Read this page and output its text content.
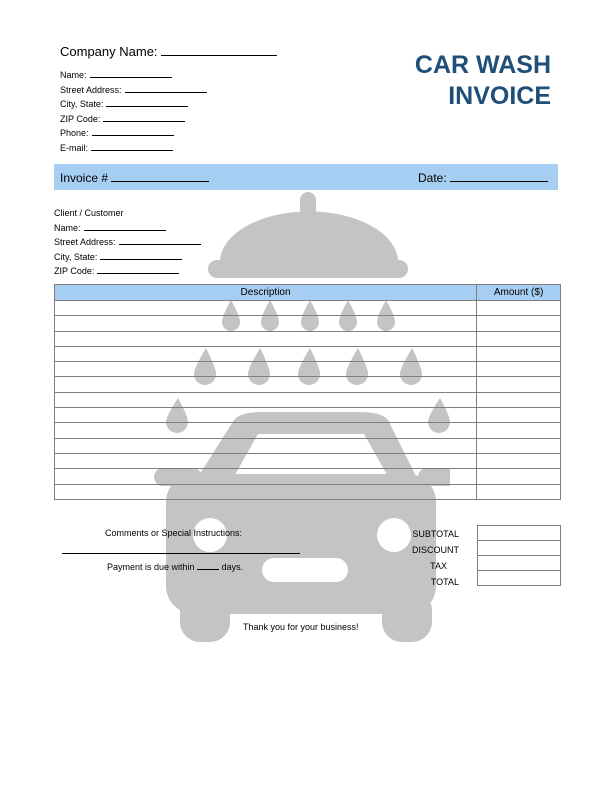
Company Name:
Name:
Street Address:
City, State:
ZIP Code:
Phone:
E-mail:
CAR WASH
INVOICE
Invoice #	Date:
Client / Customer
Name:
Street Address:
City, State:
ZIP Code:
Description	Amount ($)

Comments or Special Instructions:
Payment is due within	days.
SUBTOTAL
DISCOUNT
TAX
TOTAL

Thank you for your business!
